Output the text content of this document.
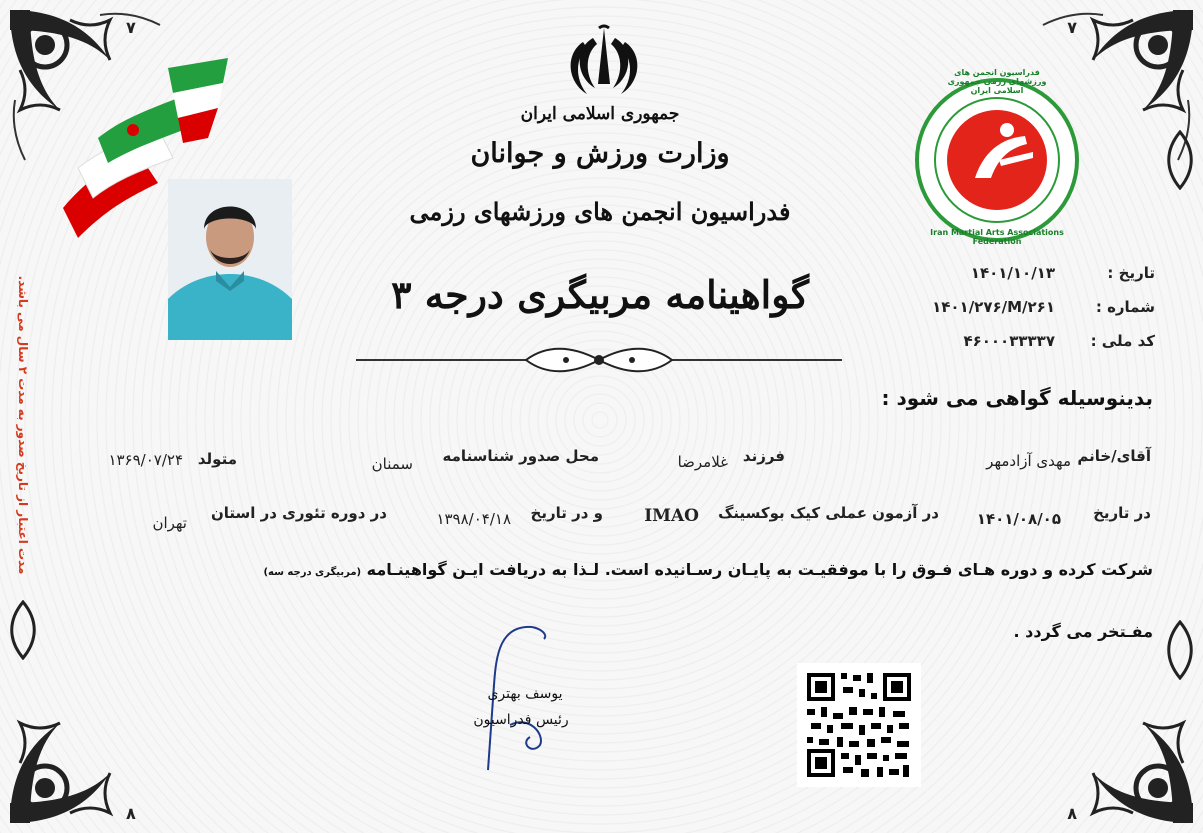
۷	۷
۸	۸
جمهوری اسلامی ایران
وزارت ورزش و جوانان
فدراسیون انجمن های ورزشهای رزمی
گواهینامه مربیگری درجه ۳
فدراسیون انجمن های ورزشهای رزمی جمهوری اسلامی ایران
Iran Martial Arts Associations Federation
تاریخ :
۱۴۰۱/۱۰/۱۳
شماره :
۱۴۰۱/۲۷۶/M/۲۶۱
کد ملی :
۴۶۰۰۰۳۳۳۳۷
بدینوسیله گواهی می شود :
آقای/خانم
مهدی آزادمهر
فرزند
غلامرضا
محل صدور شناسنامه
سمنان
متولد
۱۳۶۹/۰۷/۲۴
در تاریخ
۱۴۰۱/۰۸/۰۵
در آزمون عملی کیک بوکسینگ
IMAO
و در تاریخ
۱۳۹۸/۰۴/۱۸
در دوره تئوری در استان
تهران
شرکت کرده و دوره هـای فـوق را با موفقیـت به پایـان رسـانیده است. لـذا به دریافت ایـن گواهینـامه (مربیگری درجه سه)
مفـتخر می گردد .
یوسف بهتری
رئیس فدراسیون
مدت اعتبار از تاریخ صدور به مدت ۲ سال می باشد.
